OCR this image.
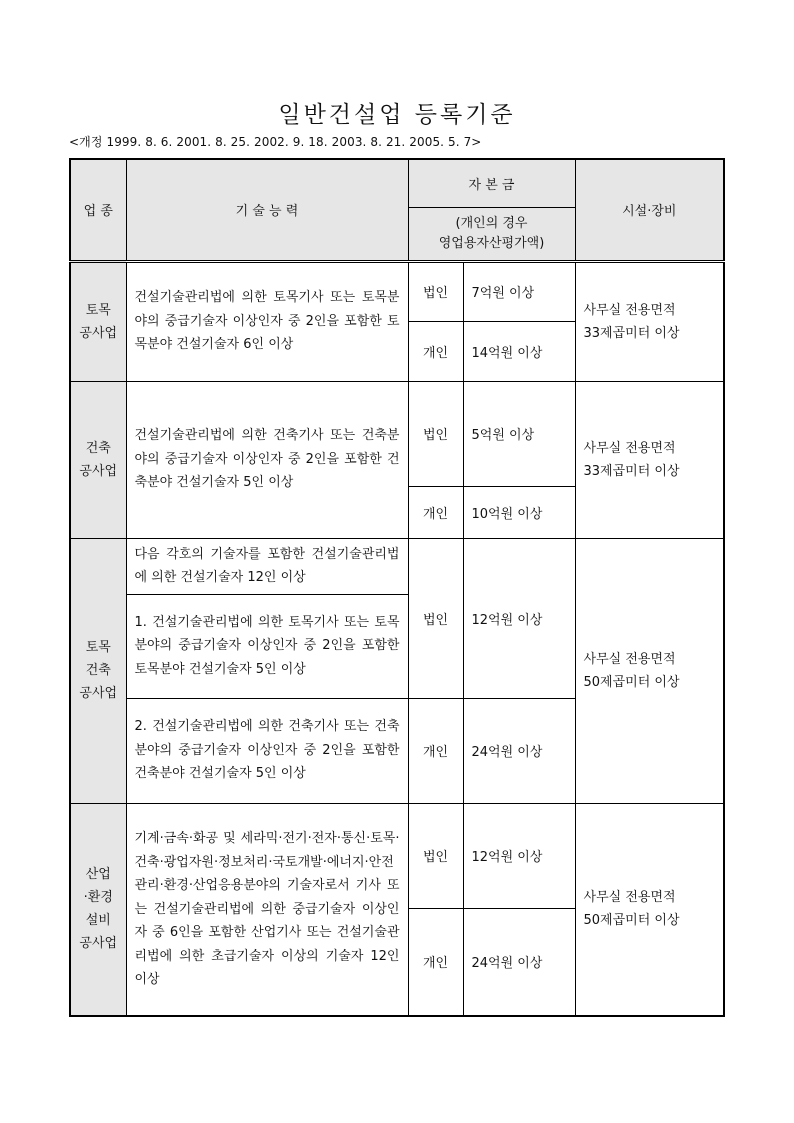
일반건설업 등록기준
<개정 1999. 8. 6. 2001. 8. 25. 2002. 9. 18. 2003. 8. 21. 2005. 5. 7>
업 종	기 술 능 력	자 본 금		시설·장비
		(개인의 경우
영업용자산평가액)		
토목
공사업	건설기술관리법에 의한 토목기사 또는 토목분야의 중급기술자 이상인자 중 2인을 포함한 토목분야 건설기술자 6인 이상	법인	7억원 이상	사무실 전용면적
33제곱미터 이상
		개인	14억원 이상	
건축
공사업	건설기술관리법에 의한 건축기사 또는 건축분야의 중급기술자 이상인자 중 2인을 포함한 건축분야 건설기술자 5인 이상	법인	5억원 이상	사무실 전용면적
33제곱미터 이상
		개인	10억원 이상	
토목
건축
공사업	다음 각호의 기술자를 포함한 건설기술관리법에 의한 건설기술자 12인 이상	법인	12억원 이상	사무실 전용면적
50제곱미터 이상
	1. 건설기술관리법에 의한 토목기사 또는 토목분야의 중급기술자 이상인자 중 2인을 포함한 토목분야 건설기술자 5인 이상			
	2. 건설기술관리법에 의한 건축기사 또는 건축분야의 중급기술자 이상인자 중 2인을 포함한 건축분야 건설기술자 5인 이상	개인	24억원 이상	
산업
·환경
설비
공사업	기계·금속·화공 및 세라믹·전기·전자·통신·토목·건축·광업자원·정보처리·국토개발·에너지·안전관리·환경·산업응용분야의 기술자로서 기사 또는 건설기술관리법에 의한 중급기술자 이상인 자 중 6인을 포함한 산업기사 또는 건설기술관리법에 의한 초급기술자 이상의 기술자 12인 이상	법인	12억원 이상	사무실 전용면적
50제곱미터 이상
		개인	24억원 이상	
